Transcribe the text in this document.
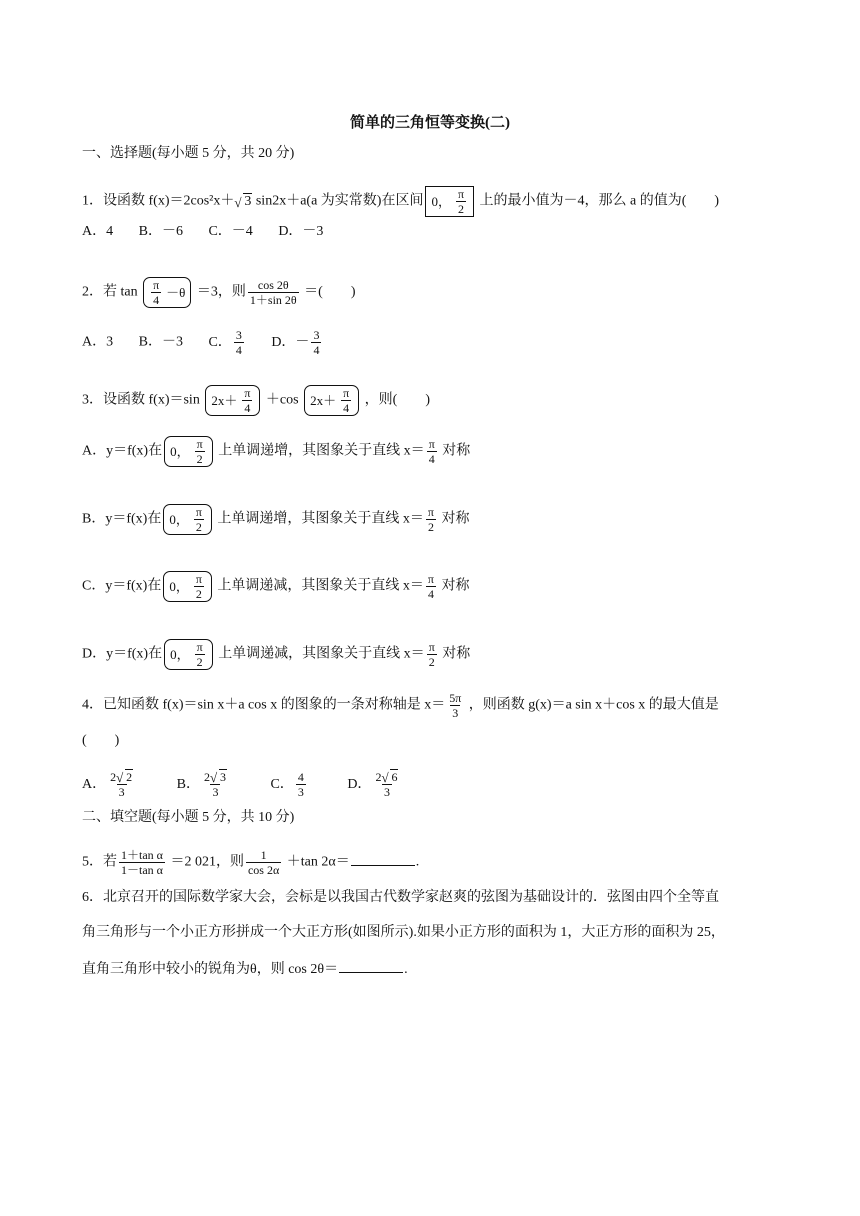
简单的三角恒等变换(二)
一、选择题(每小题 5 分，共 20 分)
1．设函数 f(x)＝2cos²x＋ √ 3 sin2x＋a(a 为实常数)在区间 0， $\frac{\pi}{2}$ 上的最小值为－4，那么 a 的值为(　　)
A．4 B．－6 C．－4 D．－3
2．若 $\tan \frac{\pi}{4} -\theta =3$，则 $\frac{\cos 2\theta}{1+\sin 2\theta}$ ＝(　　)
A．3 B．－3 C． $\frac{3}{4}$ D．－ $\frac{3}{4}$
3．设函数 f(x)＝sin $2x+ \frac{\pi}{4} +\cos$ $2x+ \frac{\pi}{4}$ ，则(　　)
A．y＝f(x)在 0， $\frac{\pi}{2}$ 上单调递增，其图象关于直线 $x= \frac{\pi}{4}$ 对称
B．y＝f(x)在 0， $\frac{\pi}{2}$ 上单调递增，其图象关于直线 $x= \frac{\pi}{2}$ 对称
C．y＝f(x)在 0， $\frac{\pi}{2}$ 上单调递减，其图象关于直线 $x= \frac{\pi}{4}$ 对称
D．y＝f(x)在 0， $\frac{\pi}{2}$ 上单调递减，其图象关于直线 $x= \frac{\pi}{2}$ 对称
4．已知函数 f(x)＝sin x＋a cos x 的图象的一条对称轴是 $x= \frac{5\pi}{3}$ ，则函数 g(x)＝a sin x＋cos x 的最大值是
(　　)
A． $\frac{2 √ 2}{3}$	B． $\frac{2 √ 3}{3}$	C． $\frac{4}{3}$	D． $\frac{2 √ 6}{3}$
二、填空题(每小题 5 分，共 10 分)
5．若 $\frac{\text{1＋tan α}}{\text{1－tan α}} =2$ 021，则 $\frac{1}{\cos 2\alpha} +\tan$ 2α＝	.
6．北京召开的国际数学家大会，会标是以我国古代数学家赵爽的弦图为基础设计的．弦图由四个全等直
角三角形与一个小正方形拼成一个大正方形(如图所示).如果小正方形的面积为 1，大正方形的面积为 25，
直角三角形中较小的锐角为θ，则 cos 2θ＝	.
